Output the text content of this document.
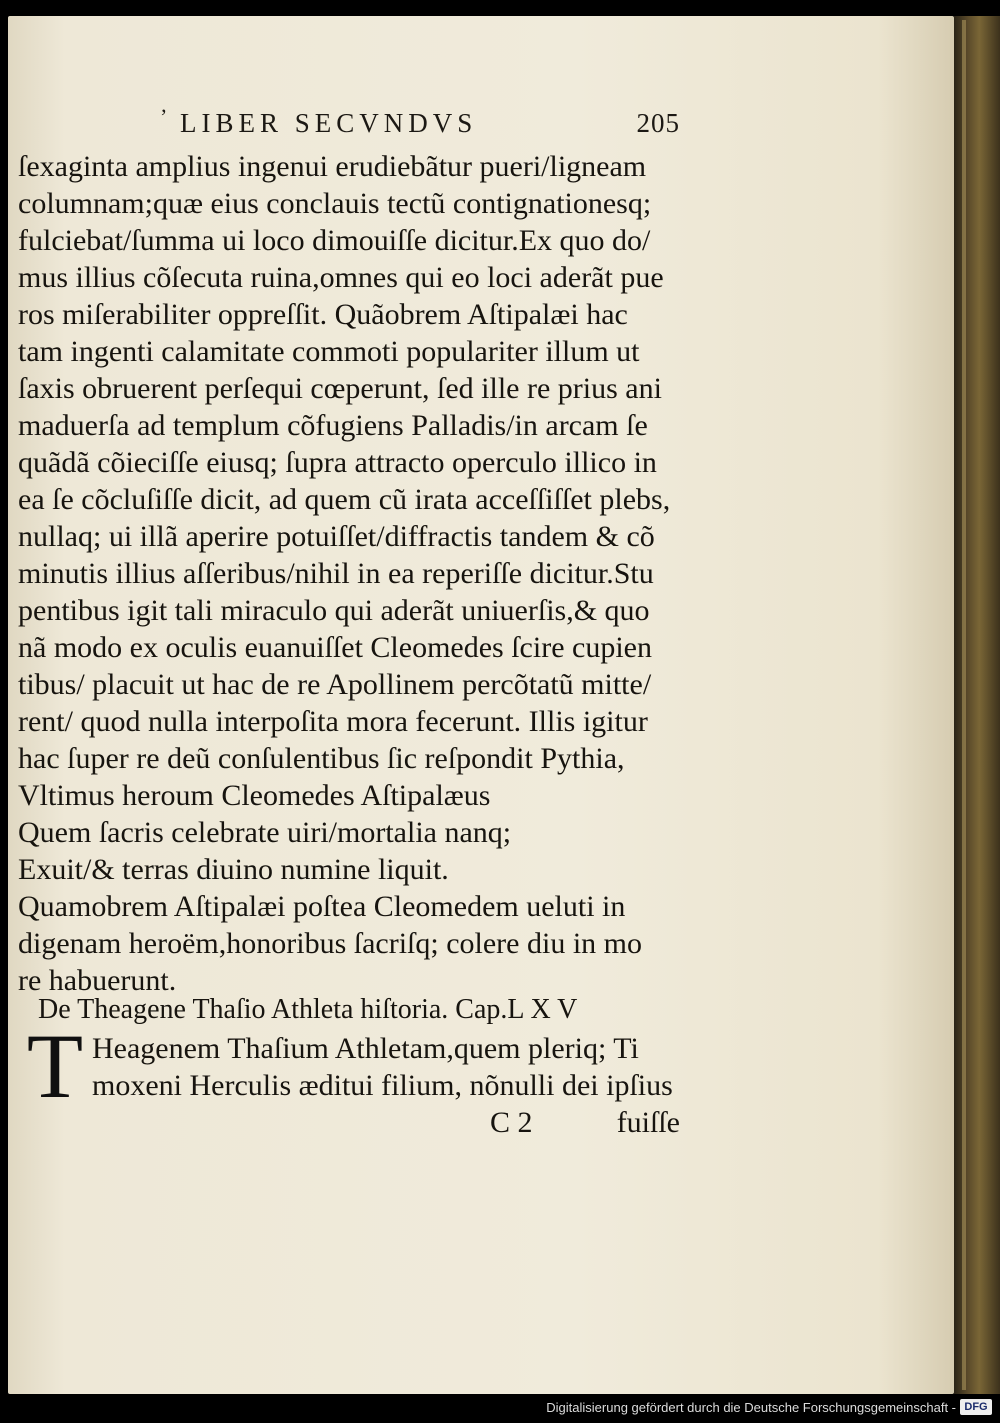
’ LIBER SECVNDVS	205
ſexaginta amplius ingenui erudiebãtur pueri/ligneam
columnam;quæ eius conclauis tectũ contignationesq;
fulciebat/ſumma ui loco dimouiſſe dicitur.Ex quo do/
mus illius cõſecuta ruina,omnes qui eo loci aderãt pue
ros miſerabiliter oppreſſit. Quãobrem Aſtipalæi hac
tam ingenti calamitate commoti populariter illum ut
ſaxis obruerent perſequi cœperunt, ſed ille re prius ani
maduerſa ad templum cõfugiens Palladis/in arcam ſe
quãdã cõieciſſe eiusq; ſupra attracto operculo illico in
ea ſe cõcluſiſſe dicit, ad quem cũ irata acceſſiſſet plebs,
nullaq; ui illã aperire potuiſſet/diffractis tandem & cõ
minutis illius aſſeribus/nihil in ea reperiſſe dicitur.Stu
pentibus igit tali miraculo qui aderãt uniuerſis,& quo
nã modo ex oculis euanuiſſet Cleomedes ſcire cupien
tibus/ placuit ut hac de re Apollinem percõtatũ mitte/
rent/ quod nulla interpoſita mora fecerunt. Illis igitur
hac ſuper re deũ conſulentibus ſic reſpondit Pythia,
Vltimus heroum Cleomedes Aſtipalæus
Quem ſacris celebrate uiri/mortalia nanq;
Exuit/& terras diuino numine liquit.
Quamobrem Aſtipalæi poſtea Cleomedem ueluti in
digenam heroëm,honoribus ſacriſq; colere diu in mo
re habuerunt.
De Theagene Thaſio Athleta hiſtoria. Cap.L X V
T Heagenem Thaſium Athletam,quem pleriq; Ti
moxeni Herculis æditui filium, nõnulli dei ipſius
C 2	fuiſſe
Digitalisierung gefördert durch die Deutsche Forschungsgemeinschaft - DFG
